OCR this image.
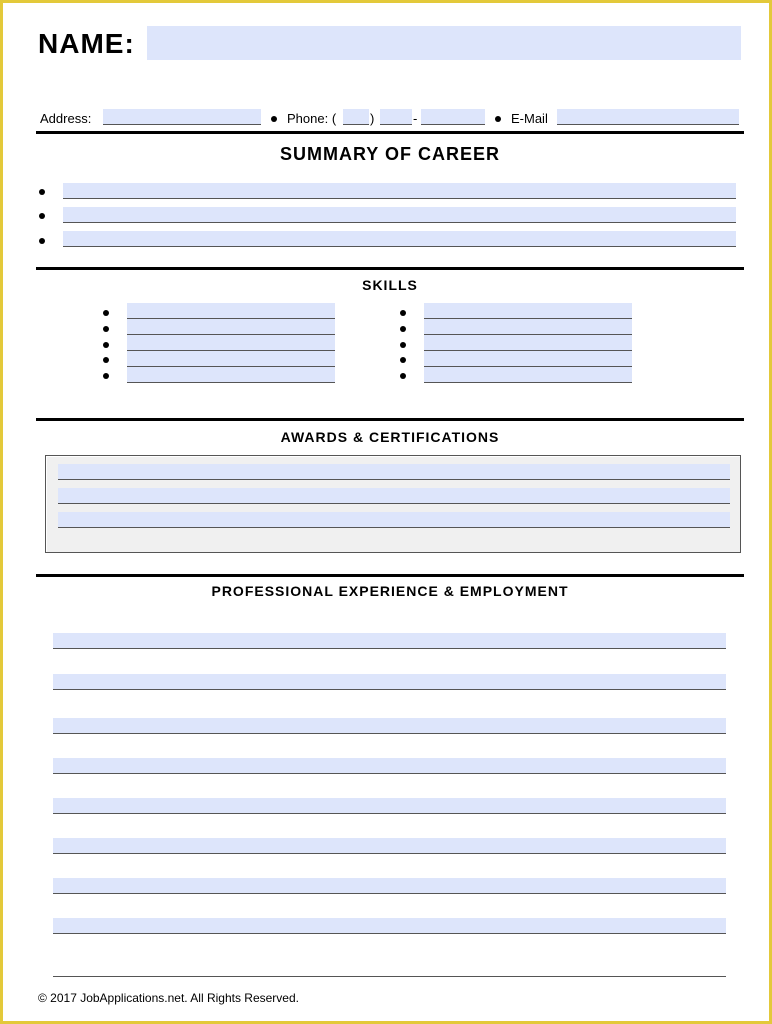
NAME:
Address:	Phone: (	)	-	E-Mail
SUMMARY OF CAREER
SKILLS
AWARDS & CERTIFICATIONS
PROFESSIONAL EXPERIENCE & EMPLOYMENT
© 2017 JobApplications.net. All Rights Reserved.
